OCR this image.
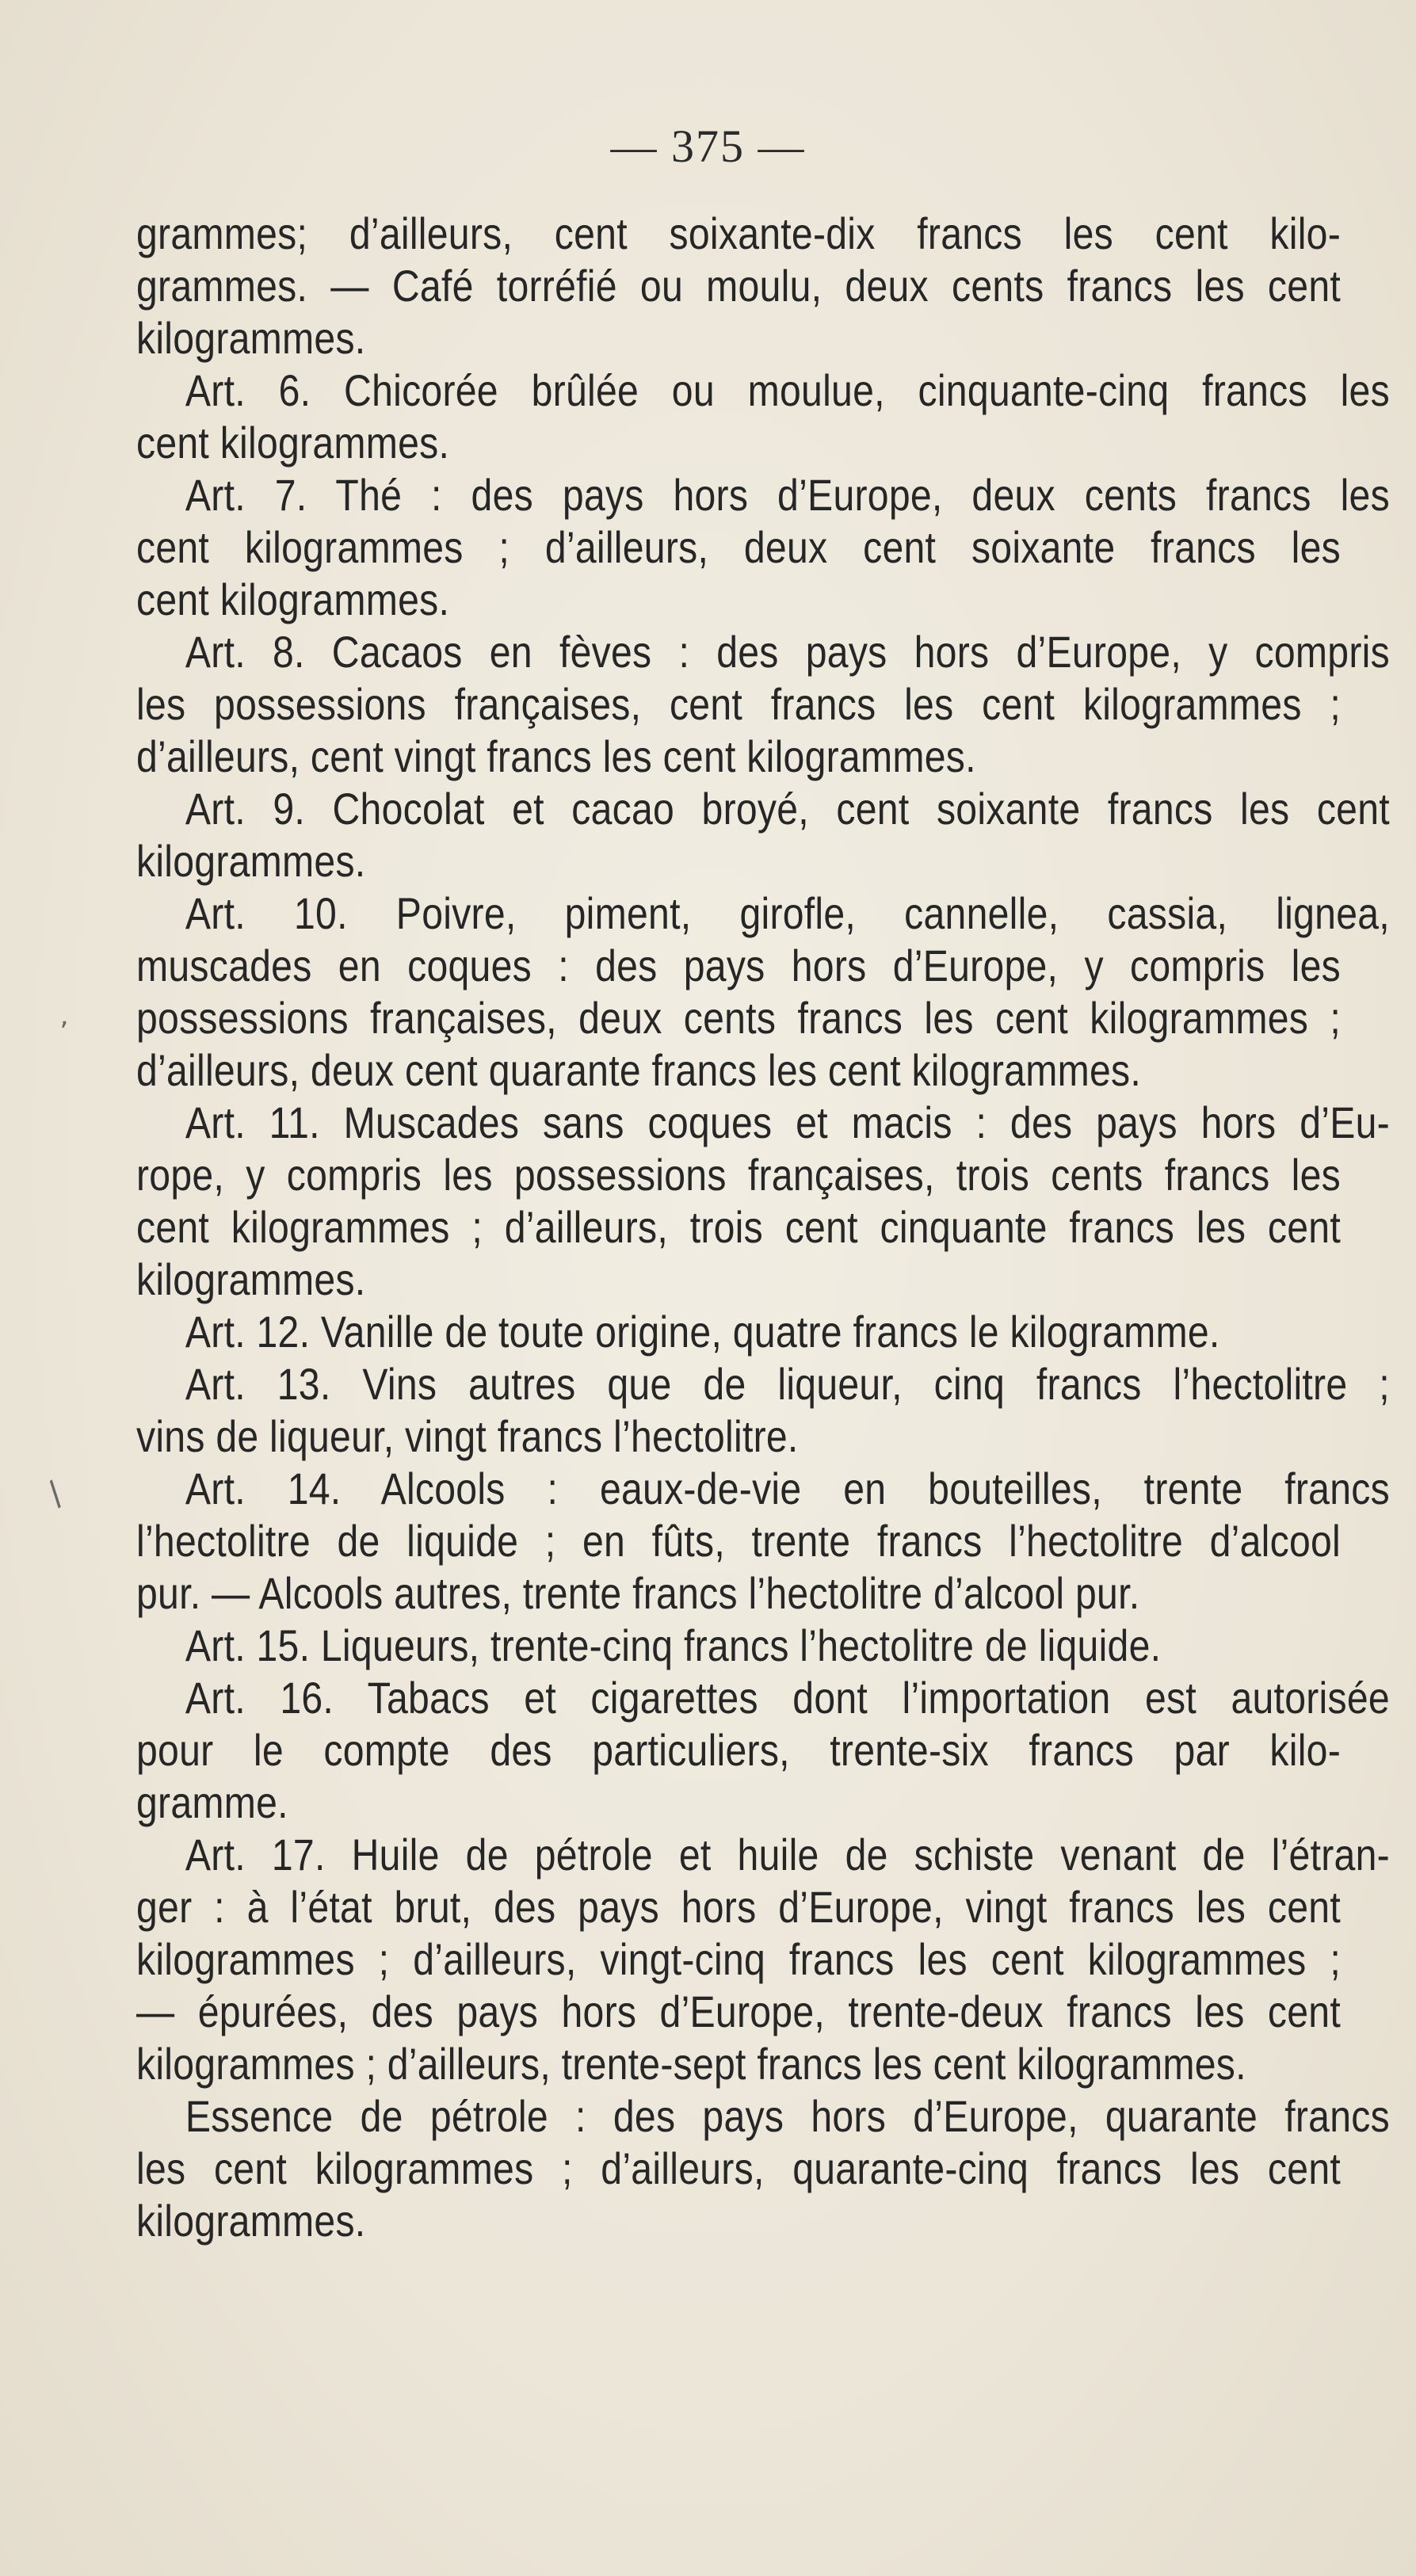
— 375 —
grammes; d’ailleurs, cent soixante-dix francs les cent kilo-
grammes. — Café torréfié ou moulu, deux cents francs les cent
kilogrammes.
Art. 6. Chicorée brûlée ou moulue, cinquante-cinq francs les
cent kilogrammes.
Art. 7. Thé : des pays hors d’Europe, deux cents francs les
cent kilogrammes ; d’ailleurs, deux cent soixante francs les
cent kilogrammes.
Art. 8. Cacaos en fèves : des pays hors d’Europe, y compris
les possessions françaises, cent francs les cent kilogrammes ;
d’ailleurs, cent vingt francs les cent kilogrammes.
Art. 9. Chocolat et cacao broyé, cent soixante francs les cent
kilogrammes.
Art. 10. Poivre, piment, girofle, cannelle, cassia, lignea,
muscades en coques : des pays hors d’Europe, y compris les
possessions françaises, deux cents francs les cent kilogrammes ;
d’ailleurs, deux cent quarante francs les cent kilogrammes.
Art. 11. Muscades sans coques et macis : des pays hors d’Eu-
rope, y compris les possessions françaises, trois cents francs les
cent kilogrammes ; d’ailleurs, trois cent cinquante francs les cent
kilogrammes.
Art. 12. Vanille de toute origine, quatre francs le kilogramme.
Art. 13. Vins autres que de liqueur, cinq francs l’hectolitre ;
vins de liqueur, vingt francs l’hectolitre.
Art. 14. Alcools : eaux-de-vie en bouteilles, trente francs
l’hectolitre de liquide ; en fûts, trente francs l’hectolitre d’alcool
pur. — Alcools autres, trente francs l’hectolitre d’alcool pur.
Art. 15. Liqueurs, trente-cinq francs l’hectolitre de liquide.
Art. 16. Tabacs et cigarettes dont l’importation est autorisée
pour le compte des particuliers, trente-six francs par kilo-
gramme.
Art. 17. Huile de pétrole et huile de schiste venant de l’étran-
ger : à l’état brut, des pays hors d’Europe, vingt francs les cent
kilogrammes ; d’ailleurs, vingt-cinq francs les cent kilogrammes ;
— épurées, des pays hors d’Europe, trente-deux francs les cent
kilogrammes ; d’ailleurs, trente-sept francs les cent kilogrammes.
Essence de pétrole : des pays hors d’Europe, quarante francs
les cent kilogrammes ; d’ailleurs, quarante-cinq francs les cent
kilogrammes.
’
/
